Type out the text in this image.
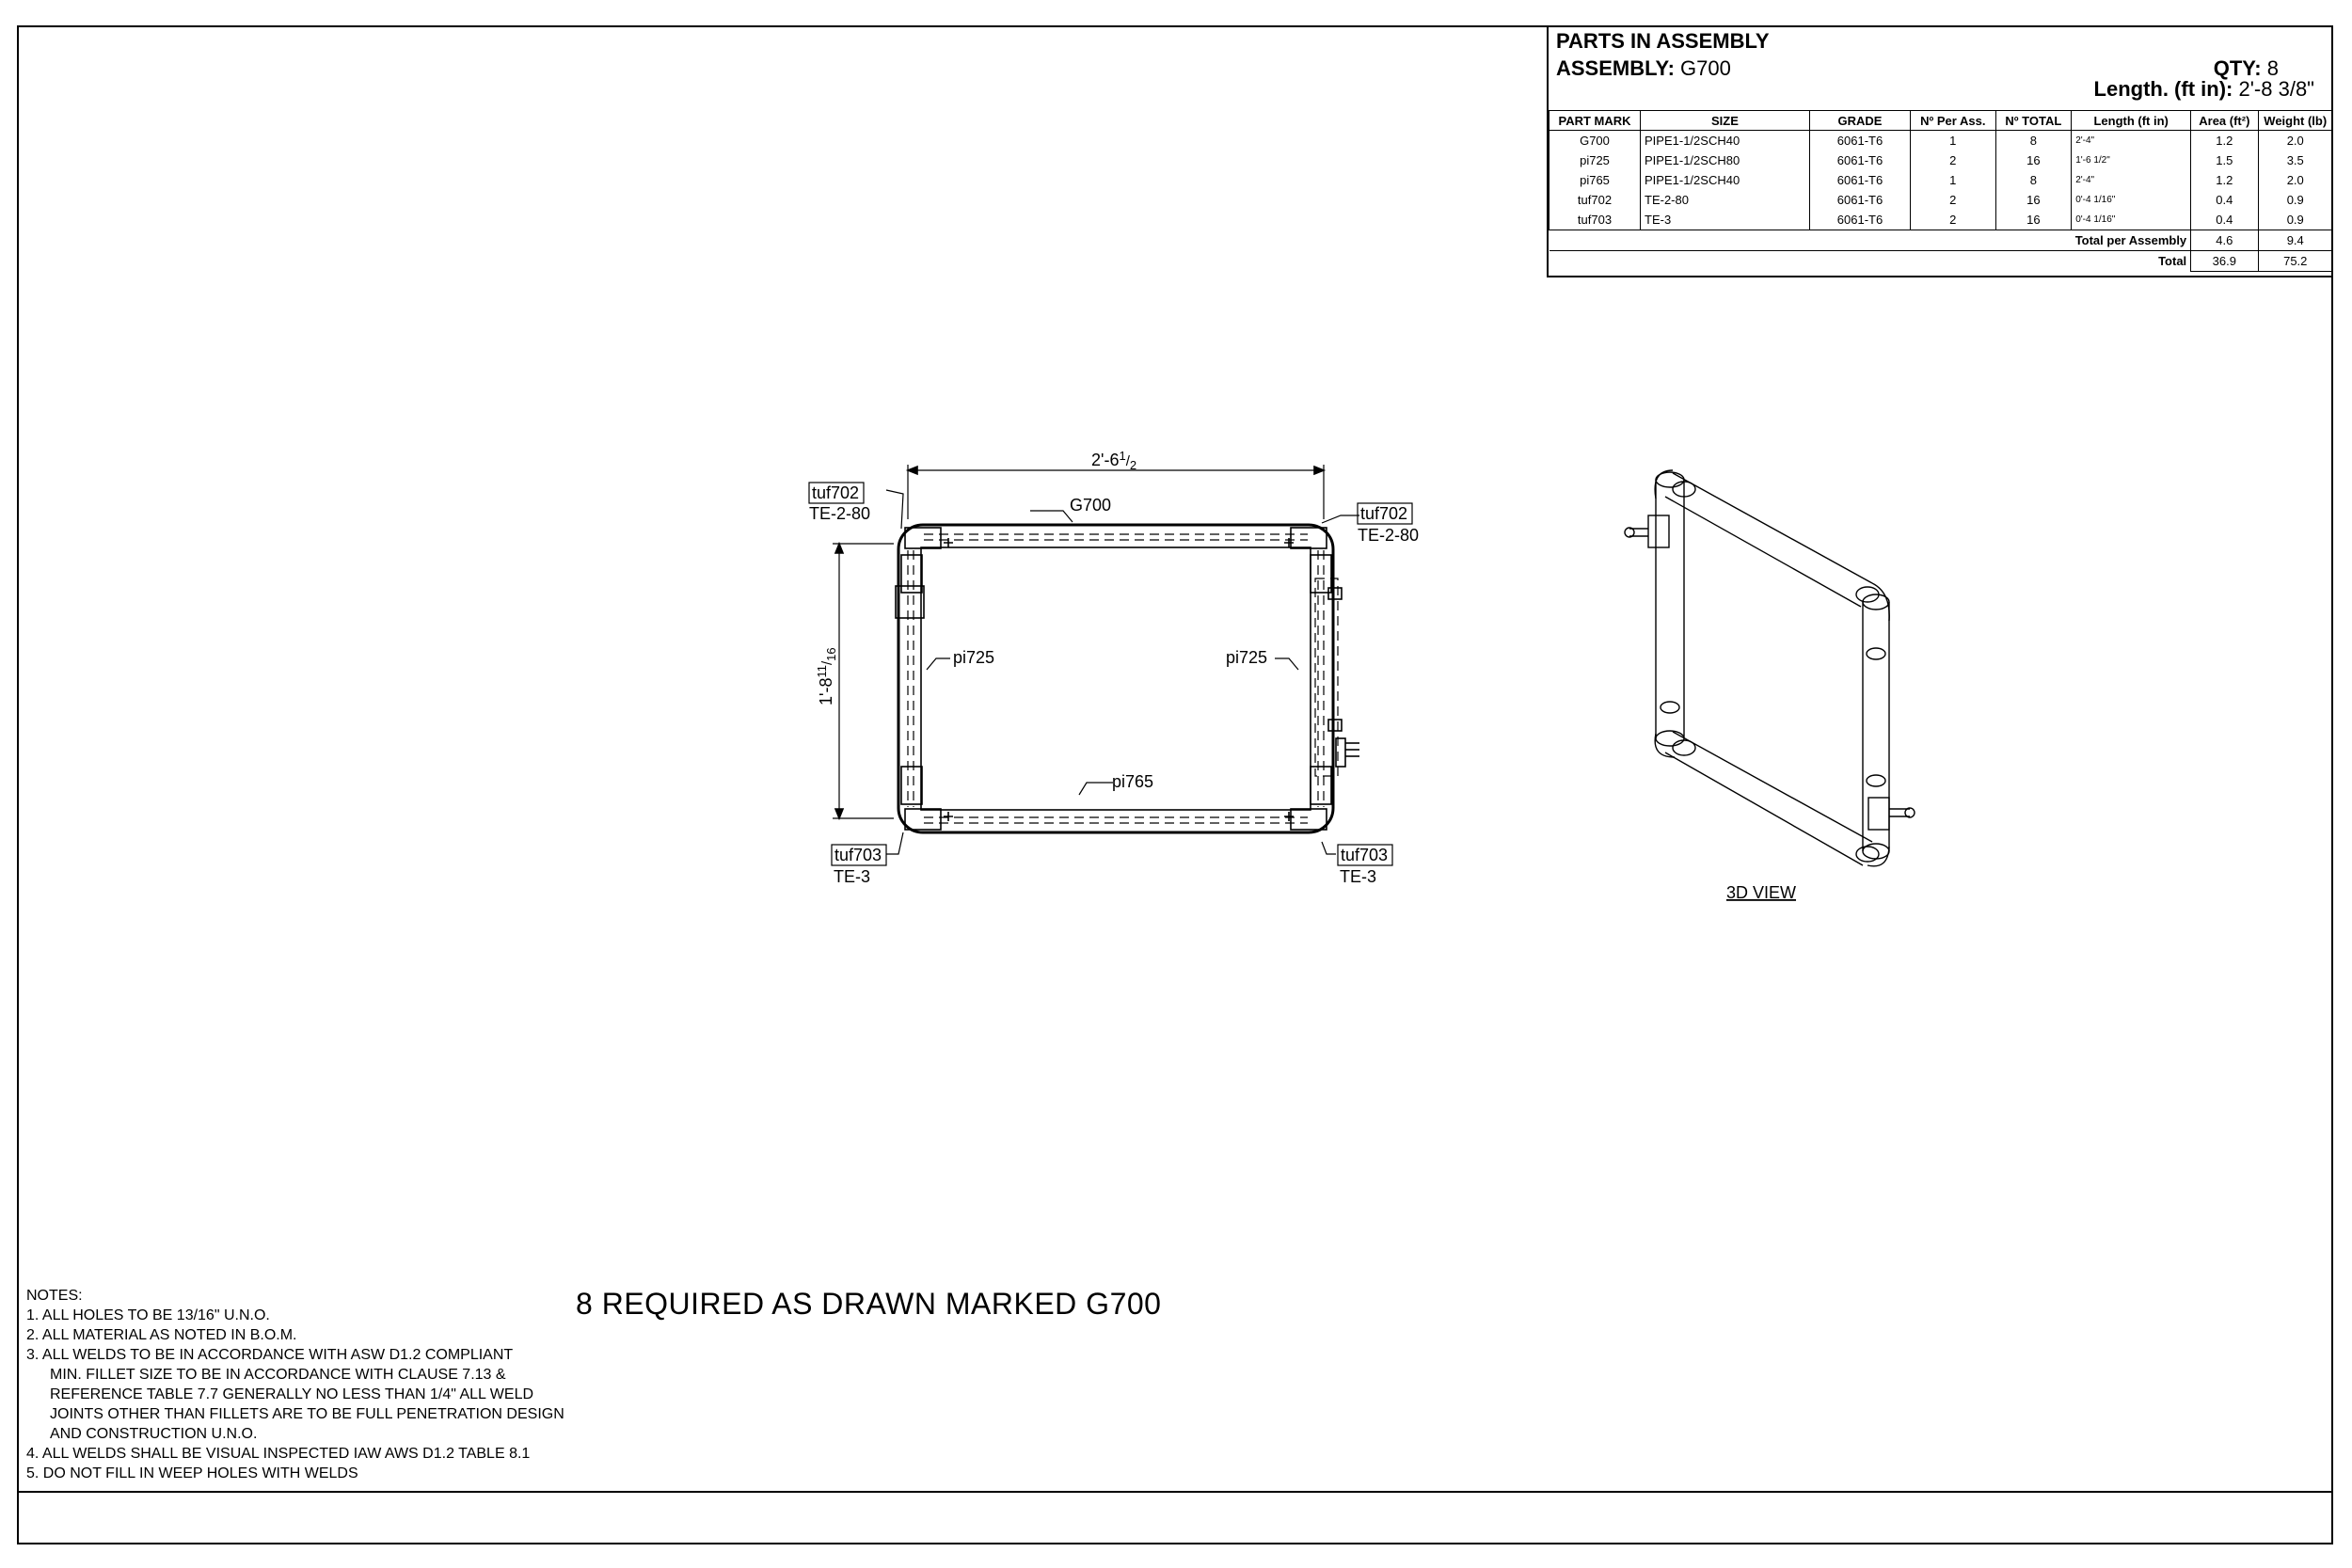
PARTS IN ASSEMBLY
ASSEMBLY: G700	QTY: 8
Length. (ft in): 2'-8 3/8"
PART MARK	SIZE	GRADE	Nº Per Ass.	Nº TOTAL	Length (ft in)	Area (ft²)	Weight (lb)
G700	PIPE1-1/2SCH40	6061-T6	1	8	2'-4"	1.2	2.0
pi725	PIPE1-1/2SCH80	6061-T6	2	16	1'-6 1/2"	1.5	3.5
pi765	PIPE1-1/2SCH40	6061-T6	1	8	2'-4"	1.2	2.0
tuf702	TE-2-80	6061-T6	2	16	0'-4 1/16"	0.4	0.9
tuf703	TE-3	6061-T6	2	16	0'-4 1/16"	0.4	0.9
					Total per Assembly	4.6	9.4
					Total	36.9	75.2
$2'-6^1_{/2}$
$1'-8^{11}_{/16}$
G700
pi765
pi725	pi725
tuf702
TE-2-80	tuf702
TE-2-80
tuf703
TE-3
tuf703
TE-3
3D VIEW
8 REQUIRED AS DRAWN MARKED G700
NOTES:
1. ALL HOLES TO BE 13/16" U.N.O.
2. ALL MATERIAL AS NOTED IN B.O.M.
3. ALL WELDS TO BE IN ACCORDANCE WITH ASW D1.2 COMPLIANT
MIN. FILLET SIZE TO BE IN ACCORDANCE WITH CLAUSE 7.13 &
REFERENCE TABLE 7.7 GENERALLY NO LESS THAN 1/4" ALL WELD
JOINTS OTHER THAN FILLETS ARE TO BE FULL PENETRATION DESIGN
AND CONSTRUCTION U.N.O.
4. ALL WELDS SHALL BE VISUAL INSPECTED IAW AWS D1.2 TABLE 8.1
5. DO NOT FILL IN WEEP HOLES WITH WELDS
